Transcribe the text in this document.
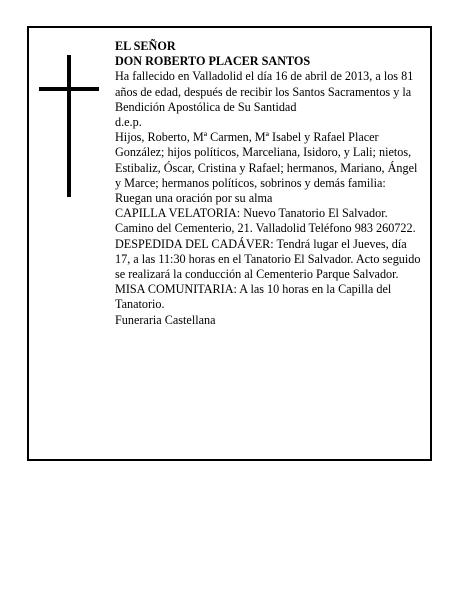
EL SEÑOR

DON ROBERTO PLACER SANTOS

Ha fallecido en Valladolid el día 16 de abril de 2013, a los 81 años de edad, después de recibir los Santos Sacramentos y la Bendición Apostólica de Su Santidad

d.e.p.

Hijos, Roberto, Mª Carmen, Mª Isabel y Rafael Placer González; hijos políticos, Marceliana, Isidoro, y Lali; nietos, Estibaliz, Óscar, Cristina y Rafael; hermanos, Mariano, Ángel y Marce; hermanos políticos, sobrinos y demás familia:

Ruegan una oración por su alma

CAPILLA VELATORIA: Nuevo Tanatorio El Salvador. Camino del Cementerio, 21. Valladolid Teléfono 983 260722.

DESPEDIDA DEL CADÁVER: Tendrá lugar el Jueves, día 17, a las 11:30 horas en el Tanatorio El Salvador. Acto seguido se realizará la conducción al Cementerio Parque Salvador.

MISA COMUNITARIA: A las 10 horas en la Capilla del Tanatorio.

Funeraria Castellana
